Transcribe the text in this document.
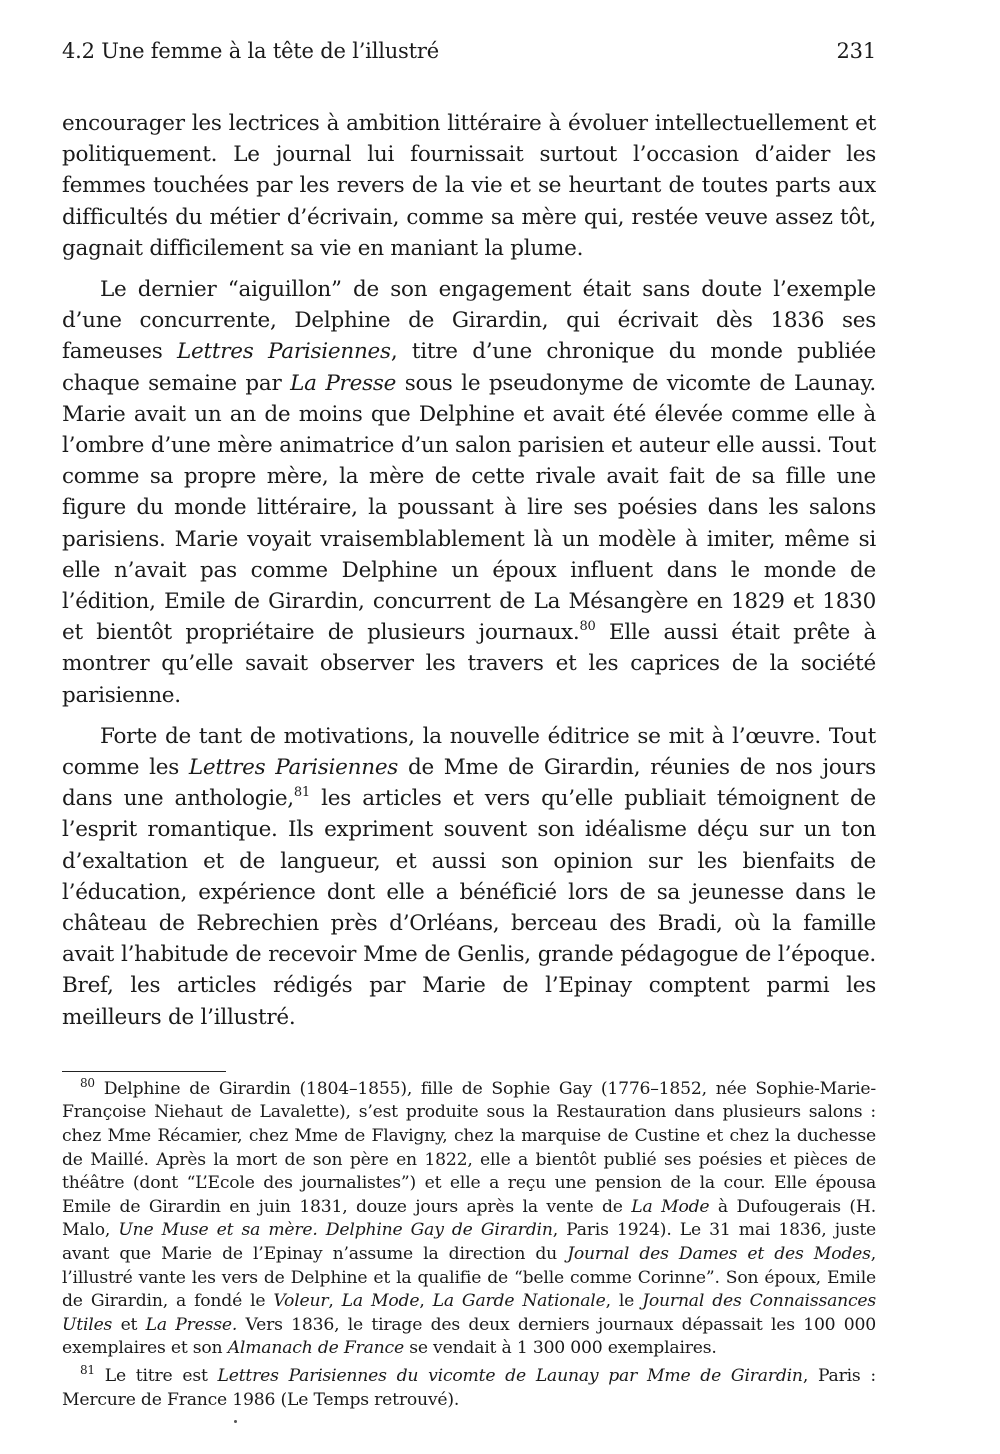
4.2 Une femme à la tête de l’illustré	231

encourager les lectrices à ambition littéraire à évoluer intellectuellement et politiquement. Le journal lui fournissait surtout l’occasion d’aider les femmes touchées par les revers de la vie et se heurtant de toutes parts aux difficultés du métier d’écrivain, comme sa mère qui, restée veuve assez tôt, gagnait difficilement sa vie en maniant la plume.

Le dernier “aiguillon” de son engagement était sans doute l’exemple d’une concurrente, Delphine de Girardin, qui écrivait dès 1836 ses fameuses Lettres Parisiennes, titre d’une chronique du monde publiée chaque semaine par La Presse sous le pseudonyme de vicomte de Launay. Marie avait un an de moins que Delphine et avait été élevée comme elle à l’ombre d’une mère animatrice d’un salon parisien et auteur elle aussi. Tout comme sa propre mère, la mère de cette rivale avait fait de sa fille une figure du monde littéraire, la poussant à lire ses poésies dans les salons parisiens. Marie voyait vraisemblablement là un modèle à imiter, même si elle n’avait pas comme Delphine un époux influent dans le monde de l’édition, Emile de Girardin, concurrent de La Mésangère en 1829 et 1830 et bientôt propriétaire de plusieurs journaux.$^{80}$ Elle aussi était prête à montrer qu’elle savait observer les travers et les caprices de la société parisienne.

Forte de tant de motivations, la nouvelle éditrice se mit à l’œuvre. Tout comme les Lettres Parisiennes de Mme de Girardin, réunies de nos jours dans une anthologie,$^{81}$ les articles et vers qu’elle publiait témoignent de l’esprit romantique. Ils expriment souvent son idéalisme déçu sur un ton d’exaltation et de langueur, et aussi son opinion sur les bienfaits de l’éducation, expérience dont elle a bénéficié lors de sa jeunesse dans le château de Rebrechien près d’Orléans, berceau des Bradi, où la famille avait l’habitude de recevoir Mme de Genlis, grande pédagogue de l’époque. Bref, les articles rédigés par Marie de l’Epinay comptent parmi les meilleurs de l’illustré.

$^{80}$ Delphine de Girardin (1804–1855), fille de Sophie Gay (1776–1852, née Sophie-Marie-Françoise Niehaut de Lavalette), s’est produite sous la Restauration dans plusieurs salons : chez Mme Récamier, chez Mme de Flavigny, chez la marquise de Custine et chez la duchesse de Maillé. Après la mort de son père en 1822, elle a bientôt publié ses poésies et pièces de théâtre (dont “L’Ecole des journalistes”) et elle a reçu une pension de la cour. Elle épousa Emile de Girardin en juin 1831, douze jours après la vente de La Mode à Dufougerais (H. Malo, Une Muse et sa mère. Delphine Gay de Girardin, Paris 1924). Le 31 mai 1836, juste avant que Marie de l’Epinay n’assume la direction du Journal des Dames et des Modes, l’illustré vante les vers de Delphine et la qualifie de “belle comme Corinne”. Son époux, Emile de Girardin, a fondé le Voleur, La Mode, La Garde Nationale, le Journal des Connaissances Utiles et La Presse. Vers 1836, le tirage des deux derniers journaux dépassait les 100 000 exemplaires et son Almanach de France se vendait à 1 300 000 exemplaires.

$^{81}$ Le titre est Lettres Parisiennes du vicomte de Launay par Mme de Girardin, Paris : Mercure de France 1986 (Le Temps retrouvé).
